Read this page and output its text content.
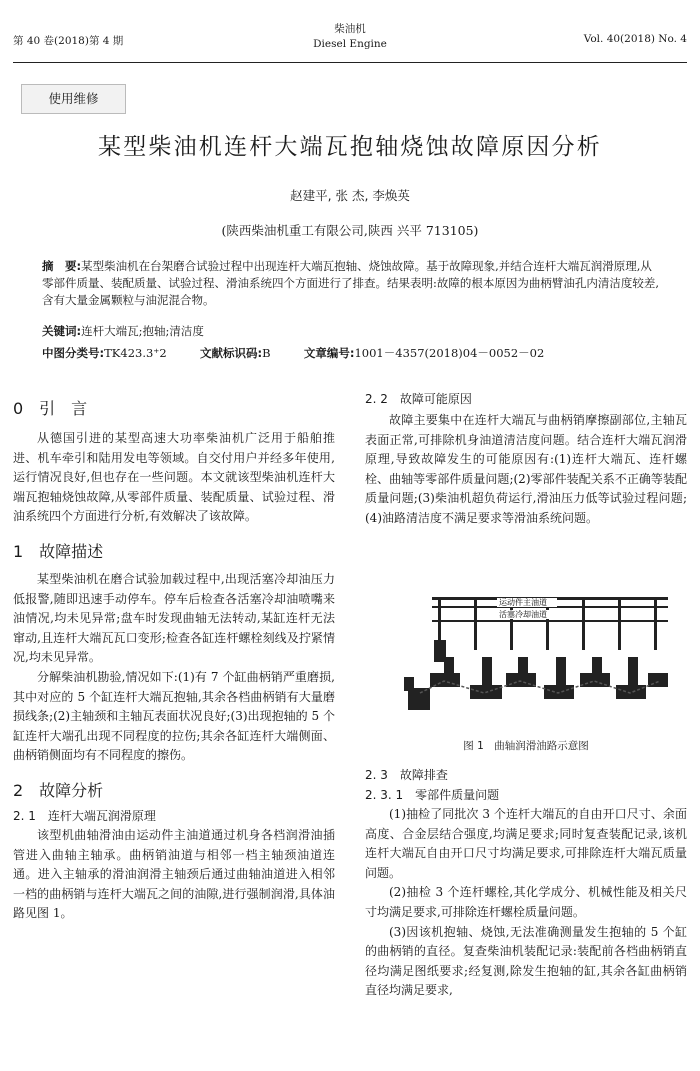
第 40 卷(2018)第 4 期
柴油机
Diesel Engine	Vol. 40(2018) No. 4
使用维修
某型柴油机连杆大端瓦抱轴烧蚀故障原因分析
赵建平, 张 杰, 李焕英
(陕西柴油机重工有限公司,陕西 兴平 713105)
摘　要:某型柴油机在台架磨合试验过程中出现连杆大端瓦抱轴、烧蚀故障。基于故障现象,并结合连杆大端瓦润滑原理,从零部件质量、装配质量、试验过程、滑油系统四个方面进行了排查。结果表明:故障的根本原因为曲柄臂油孔内清洁度较差,含有大量金属颗粒与油泥混合物。
关键词:连杆大端瓦;抱轴;清洁度
中图分类号:TK423.3⁺2	文献标识码:B	文章编号:1001－4357(2018)04－0052－02
0　引　言

从德国引进的某型高速大功率柴油机广泛用于船舶推进、机车牵引和陆用发电等领域。自交付用户并经多年使用,运行情况良好,但也存在一些问题。本文就该型柴油机连杆大端瓦抱轴烧蚀故障,从零部件质量、装配质量、试验过程、滑油系统四个方面进行分析,有效解决了该故障。

1　故障描述

某型柴油机在磨合试验加载过程中,出现活塞冷却油压力低报警,随即迅速手动停车。停车后检查各活塞冷却油喷嘴来油情况,均未见异常;盘车时发现曲轴无法转动,某缸连杆无法窜动,且连杆大端瓦瓦口变形;检查各缸连杆螺栓刻线及拧紧情况,均未见异常。

分解柴油机勘验,情况如下:(1)有 7 个缸曲柄销严重磨损,其中对应的 5 个缸连杆大端瓦抱轴,其余各档曲柄销有大量磨损线条;(2)主轴颈和主轴瓦表面状况良好;(3)出现抱轴的 5 个缸连杆大端孔出现不同程度的拉伤;其余各缸连杆大端侧面、曲柄销侧面均有不同程度的擦伤。

2　故障分析
2. 1　连杆大端瓦润滑原理

该型机曲轴滑油由运动件主油道通过机身各档润滑油插管进入曲轴主轴承。曲柄销油道与相邻一档主轴颈油道连通。进入主轴承的滑油润滑主轴颈后通过曲轴油道进入相邻一档的曲柄销与连杆大端瓦之间的油隙,进行强制润滑,具体油路见图 1。

2. 2　故障可能原因

故障主要集中在连杆大端瓦与曲柄销摩擦副部位,主轴瓦表面正常,可排除机身油道清洁度问题。结合连杆大端瓦润滑原理,导致故障发生的可能原因有:(1)连杆大端瓦、连杆螺栓、曲轴等零部件质量问题;(2)零部件装配关系不正确等装配质量问题;(3)柴油机超负荷运行,滑油压力低等试验过程问题;(4)油路清洁度不满足要求等滑油系统问题。

运动件主油道
活塞冷却油道
图 1　曲轴润滑油路示意图
2. 3　故障排查
2. 3. 1　零部件质量问题

(1)抽检了同批次 3 个连杆大端瓦的自由开口尺寸、余面高度、合金层结合强度,均满足要求;同时复查装配记录,该机连杆大端瓦自由开口尺寸均满足要求,可排除连杆大端瓦质量问题。

(2)抽检 3 个连杆螺栓,其化学成分、机械性能及相关尺寸均满足要求,可排除连杆螺栓质量问题。

(3)因该机抱轴、烧蚀,无法准确测量发生抱轴的 5 个缸的曲柄销的直径。复查柴油机装配记录:装配前各档曲柄销直径均满足图纸要求;经复测,除发生抱轴的缸,其余各缸曲柄销直径均满足要求,
